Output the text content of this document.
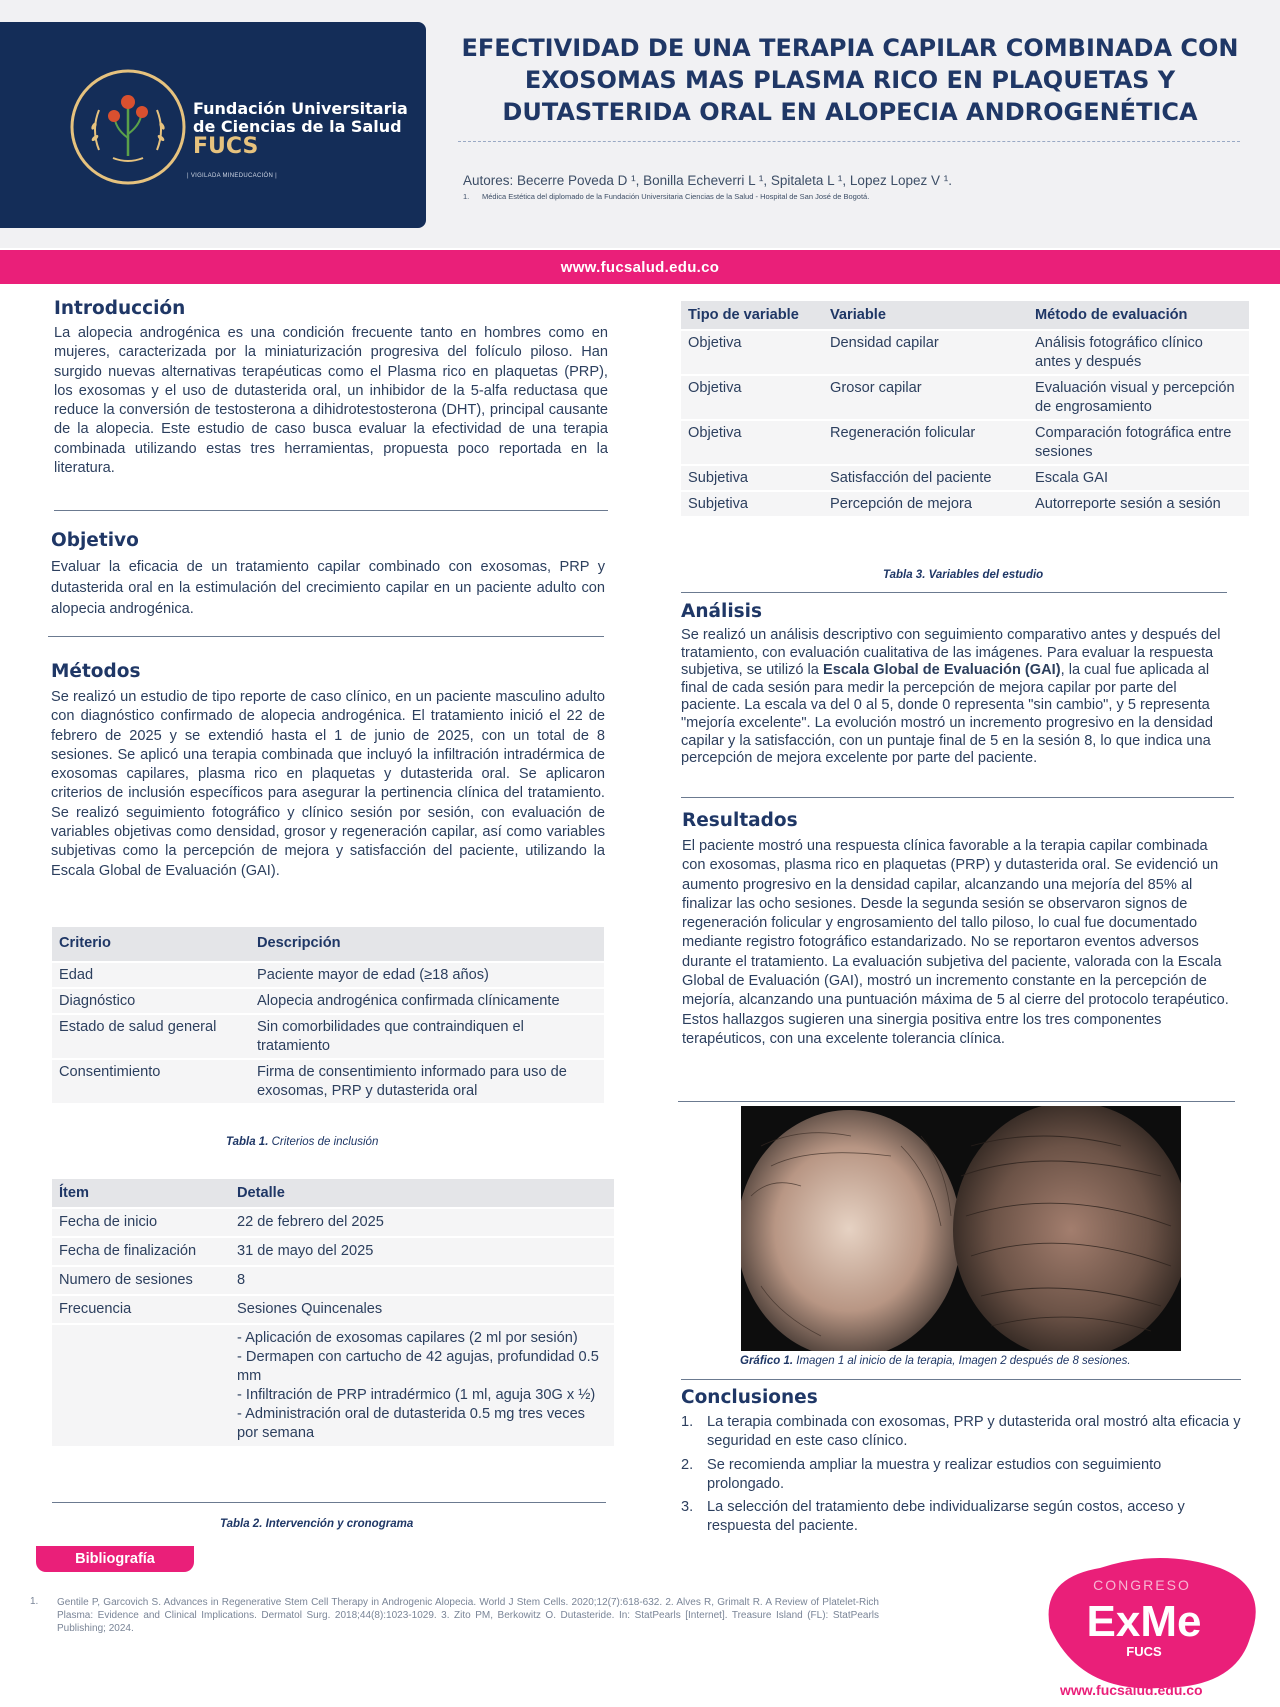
Fundación Universitaria
de Ciencias de la Salud
FUCS
| VIGILADA MINEDUCACIÓN |
EFECTIVIDAD DE UNA TERAPIA CAPILAR COMBINADA CON EXOSOMAS MAS PLASMA RICO EN PLAQUETAS Y DUTASTERIDA ORAL EN ALOPECIA ANDROGENÉTICA
Autores: Becerre Poveda D ¹, Bonilla Echeverri L ¹, Spitaleta L ¹, Lopez Lopez V ¹.
1. Médica Estética del diplomado de la Fundación Universitaria Ciencias de la Salud - Hospital de San José de Bogotá.
www.fucsalud.edu.co
Introducción
La alopecia androgénica es una condición frecuente tanto en hombres como en mujeres, caracterizada por la miniaturización progresiva del folículo piloso. Han surgido nuevas alternativas terapéuticas como el Plasma rico en plaquetas (PRP), los exosomas y el uso de dutasterida oral, un inhibidor de la 5-alfa reductasa que reduce la conversión de testosterona a dihidrotestosterona (DHT), principal causante de la alopecia. Este estudio de caso busca evaluar la efectividad de una terapia combinada utilizando estas tres herramientas, propuesta poco reportada en la literatura.
Objetivo
Evaluar la eficacia de un tratamiento capilar combinado con exosomas, PRP y dutasterida oral en la estimulación del crecimiento capilar en un paciente adulto con alopecia androgénica.
Métodos
Se realizó un estudio de tipo reporte de caso clínico, en un paciente masculino adulto con diagnóstico confirmado de alopecia androgénica. El tratamiento inició el 22 de febrero de 2025 y se extendió hasta el 1 de junio de 2025, con un total de 8 sesiones. Se aplicó una terapia combinada que incluyó la infiltración intradérmica de exosomas capilares, plasma rico en plaquetas y dutasterida oral. Se aplicaron criterios de inclusión específicos para asegurar la pertinencia clínica del tratamiento. Se realizó seguimiento fotográfico y clínico sesión por sesión, con evaluación de variables objetivas como densidad, grosor y regeneración capilar, así como variables subjetivas como la percepción de mejora y satisfacción del paciente, utilizando la Escala Global de Evaluación (GAI).
Criterio	Descripción
Edad	Paciente mayor de edad (≥18 años)
Diagnóstico	Alopecia androgénica confirmada clínicamente
Estado de salud general	Sin comorbilidades que contraindiquen el tratamiento
Consentimiento	Firma de consentimiento informado para uso de exosomas, PRP y dutasterida oral
Tabla 1. Criterios de inclusión
Ítem	Detalle
Fecha de inicio	22 de febrero del 2025
Fecha de finalización	31 de mayo del 2025
Numero de sesiones	8
Frecuencia	Sesiones Quincenales
	- Aplicación de exosomas capilares (2 ml por sesión)
- Dermapen con cartucho de 42 agujas, profundidad 0.5 mm
- Infiltración de PRP intradérmico (1 ml, aguja 30G x ½)
- Administración oral de dutasterida 0.5 mg tres veces por semana
Tabla 2. Intervención y cronograma
Tipo de variable	Variable	Método de evaluación
Objetiva	Densidad capilar	Análisis fotográfico clínico antes y después
Objetiva	Grosor capilar	Evaluación visual y percepción de engrosamiento
Objetiva	Regeneración folicular	Comparación fotográfica entre sesiones
Subjetiva	Satisfacción del paciente	Escala GAI
Subjetiva	Percepción de mejora	Autorreporte sesión a sesión
Tabla 3. Variables del estudio
Análisis
Se realizó un análisis descriptivo con seguimiento comparativo antes y después del tratamiento, con evaluación cualitativa de las imágenes. Para evaluar la respuesta subjetiva, se utilizó la Escala Global de Evaluación (GAI), la cual fue aplicada al final de cada sesión para medir la percepción de mejora capilar por parte del paciente. La escala va del 0 al 5, donde 0 representa "sin cambio", y 5 representa "mejoría excelente". La evolución mostró un incremento progresivo en la densidad capilar y la satisfacción, con un puntaje final de 5 en la sesión 8, lo que indica una percepción de mejora excelente por parte del paciente.
Resultados
El paciente mostró una respuesta clínica favorable a la terapia capilar combinada con exosomas, plasma rico en plaquetas (PRP) y dutasterida oral. Se evidenció un aumento progresivo en la densidad capilar, alcanzando una mejoría del 85% al finalizar las ocho sesiones. Desde la segunda sesión se observaron signos de regeneración folicular y engrosamiento del tallo piloso, lo cual fue documentado mediante registro fotográfico estandarizado. No se reportaron eventos adversos durante el tratamiento. La evaluación subjetiva del paciente, valorada con la Escala Global de Evaluación (GAI), mostró un incremento constante en la percepción de mejoría, alcanzando una puntuación máxima de 5 al cierre del protocolo terapéutico. Estos hallazgos sugieren una sinergia positiva entre los tres componentes terapéuticos, con una excelente tolerancia clínica.
Gráfico 1. Imagen 1 al inicio de la terapia, Imagen 2 después de 8 sesiones.
Conclusiones
1. La terapia combinada con exosomas, PRP y dutasterida oral mostró alta eficacia y seguridad en este caso clínico.
2. Se recomienda ampliar la muestra y realizar estudios con seguimiento prolongado.
3. La selección del tratamiento debe individualizarse según costos, acceso y respuesta del paciente.
Bibliografía
1. Gentile P, Garcovich S. Advances in Regenerative Stem Cell Therapy in Androgenic Alopecia. World J Stem Cells. 2020;12(7):618-632. 2. Alves R, Grimalt R. A Review of Platelet-Rich Plasma: Evidence and Clinical Implications. Dermatol Surg. 2018;44(8):1023-1029. 3. Zito PM, Berkowitz O. Dutasteride. In: StatPearls [Internet]. Treasure Island (FL): StatPearls Publishing; 2024.
CONGRESO
ExMe
FUCS
www.fucsalud.edu.co
